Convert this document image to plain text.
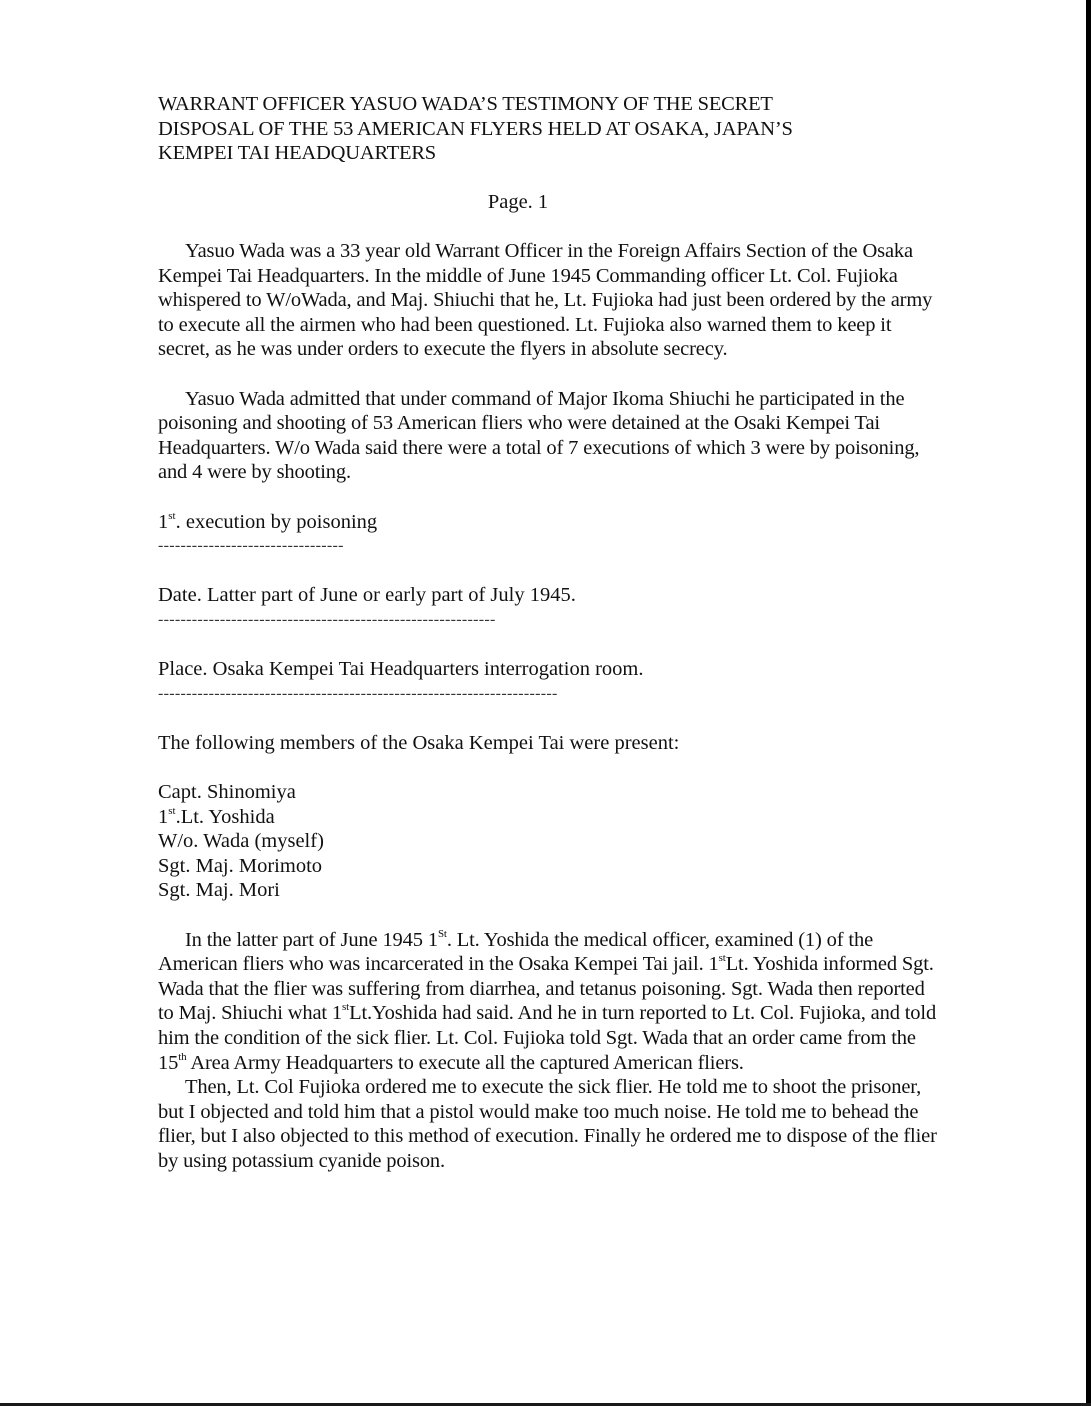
WARRANT OFFICER YASUO WADA’S TESTIMONY OF THE SECRET
DISPOSAL OF THE 53 AMERICAN FLYERS HELD AT OSAKA, JAPAN’S
KEMPEI TAI HEADQUARTERS
Page. 1

Yasuo Wada was a 33 year old Warrant Officer in the Foreign Affairs Section of the Osaka Kempei Tai Headquarters. In the middle of June 1945 Commanding officer Lt. Col. Fujioka whispered to W/oWada, and Maj. Shiuchi that he, Lt. Fujioka had just been ordered by the army to execute all the airmen who had been questioned. Lt. Fujioka also warned them to keep it secret, as he was under orders to execute the flyers in absolute secrecy.

Yasuo Wada admitted that under command of Major Ikoma Shiuchi he participated in the poisoning and shooting of 53 American fliers who were detained at the Osaki Kempei Tai Headquarters. W/o Wada said there were a total of 7 executions of which 3 were by poisoning, and 4 were by shooting.

1st. execution by poisoning

---------------------------------

Date. Latter part of June or early part of July 1945.

------------------------------------------------------------

Place. Osaka Kempei Tai Headquarters interrogation room.

-----------------------------------------------------------------------

The following members of the Osaka Kempei Tai were present:

Capt. Shinomiya
1st.Lt. Yoshida
W/o. Wada (myself)
Sgt. Maj. Morimoto
Sgt. Maj. Mori

In the latter part of June 1945 1St. Lt. Yoshida the medical officer, examined (1) of the American fliers who was incarcerated in the Osaka Kempei Tai jail. 1stLt. Yoshida informed Sgt. Wada that the flier was suffering from diarrhea, and tetanus poisoning. Sgt. Wada then reported to Maj. Shiuchi what 1stLt.Yoshida had said. And he in turn reported to Lt. Col. Fujioka, and told him the condition of the sick flier. Lt. Col. Fujioka told Sgt. Wada that an order came from the 15th Area Army Headquarters to execute all the captured American fliers.

Then, Lt. Col Fujioka ordered me to execute the sick flier. He told me to shoot the prisoner, but I objected and told him that a pistol would make too much noise. He told me to behead the flier, but I also objected to this method of execution. Finally he ordered me to dispose of the flier by using potassium cyanide poison.
